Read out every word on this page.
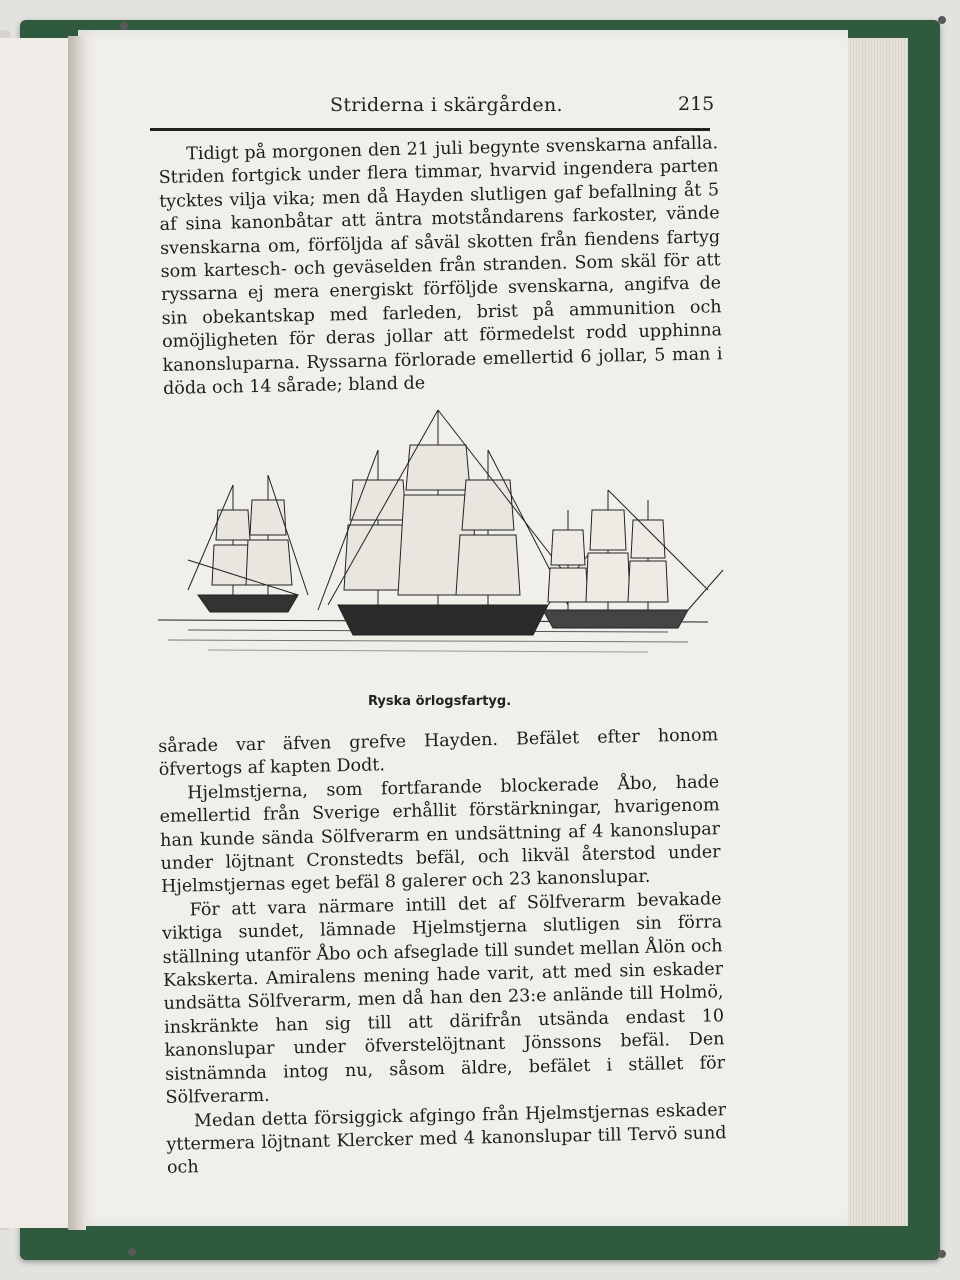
Striderna i skärgården.	215

Tidigt på morgonen den 21 juli begynte svenskarna anfalla. Striden fortgick under flera timmar, hvarvid ingendera parten tycktes vilja vika; men då Hayden slutligen gaf befallning åt 5 af sina kanonbåtar att äntra motståndarens farkoster, vände svenskarna om, förföljda af såväl skotten från fiendens fartyg som kartesch- och geväselden från stranden. Som skäl för att ryssarna ej mera energiskt förföljde svenskarna, angifva de sin obekantskap med farleden, brist på ammunition och omöjligheten för deras jollar att förmedelst rodd upphinna kanonsluparna. Ryssarna förlorade emellertid 6 jollar, 5 man i döda och 14 sårade; bland de

Ryska örlogsfartyg.

sårade var äfven grefve Hayden. Befälet efter honom öfvertogs af kapten Dodt.

Hjelmstjerna, som fortfarande blockerade Åbo, hade emellertid från Sverige erhållit förstärkningar, hvarigenom han kunde sända Sölfverarm en undsättning af 4 kanonslupar under löjtnant Cronstedts befäl, och likväl återstod under Hjelmstjernas eget befäl 8 galerer och 23 kanonslupar.

För att vara närmare intill det af Sölfverarm bevakade viktiga sundet, lämnade Hjelmstjerna slutligen sin förra ställning utanför Åbo och afseglade till sundet mellan Ålön och Kakskerta. Amiralens mening hade varit, att med sin eskader undsätta Sölfverarm, men då han den 23:e anlände till Holmö, inskränkte han sig till att därifrån utsända endast 10 kanonslupar under öfverstelöjtnant Jönssons befäl. Den sistnämnda intog nu, såsom äldre, befälet i stället för Sölfverarm.

Medan detta försiggick afgingo från Hjelmstjernas eskader yttermera löjtnant Klercker med 4 kanonslupar till Tervö sund och
